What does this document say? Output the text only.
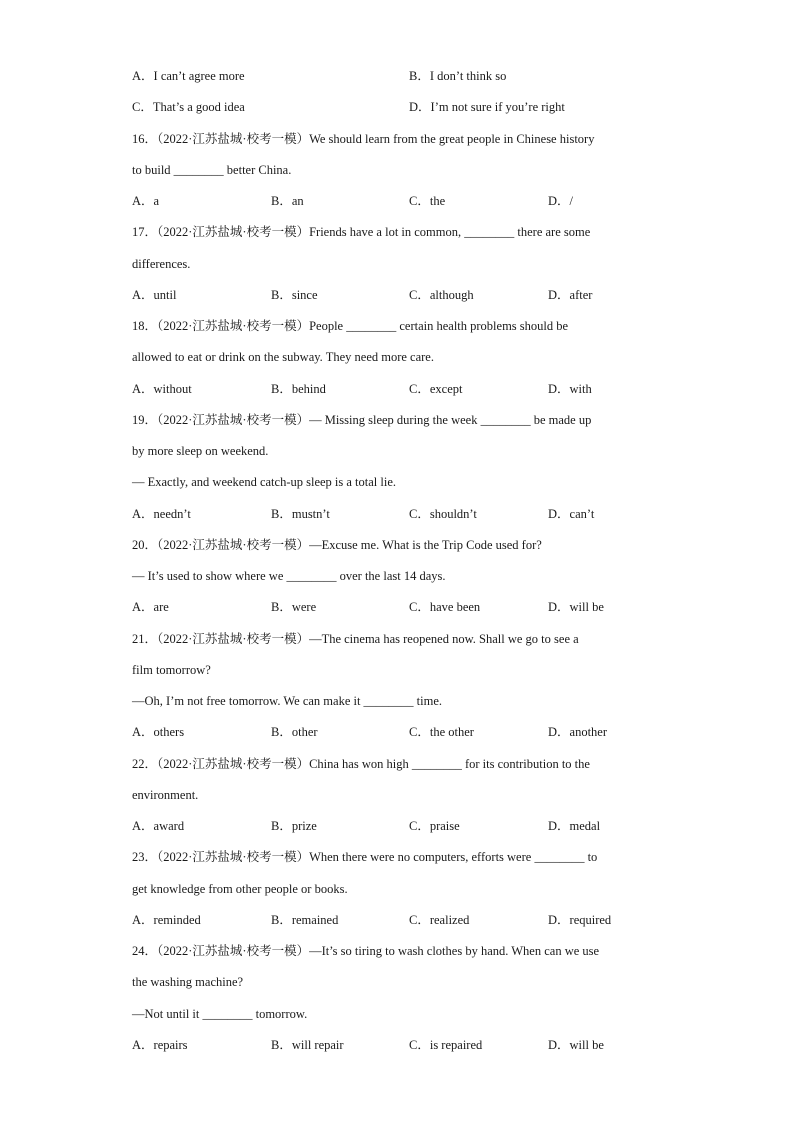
A．I can’t agree more	B．I don’t think so
C．That’s a good idea	D．I’m not sure if you’re right
16．（2022·江苏盐城·校考一模）We should learn from the great people in Chinese history
to build ________ better China.
A．a	B．an	C．the	D．/
17．（2022·江苏盐城·校考一模）Friends have a lot in common, ________ there are some
differences.
A．until	B．since	C．although	D．after
18．（2022·江苏盐城·校考一模）People ________ certain health problems should be
allowed to eat or drink on the subway. They need more care.
A．without	B．behind	C．except	D．with
19．（2022·江苏盐城·校考一模）— Missing sleep during the week ________ be made up
by more sleep on weekend.
— Exactly, and weekend catch-up sleep is a total lie.
A．needn’t	B．mustn’t	C．shouldn’t	D．can’t
20．（2022·江苏盐城·校考一模）—Excuse me. What is the Trip Code used for?
— It’s used to show where we ________ over the last 14 days.
A．are	B．were	C．have been	D．will be
21．（2022·江苏盐城·校考一模）—The cinema has reopened now. Shall we go to see a
film tomorrow?
—Oh, I’m not free tomorrow. We can make it ________ time.
A．others	B．other	C．the other	D．another
22．（2022·江苏盐城·校考一模）China has won high ________ for its contribution to the
environment.
A．award	B．prize	C．praise	D．medal
23．（2022·江苏盐城·校考一模）When there were no computers, efforts were ________ to
get knowledge from other people or books.
A．reminded	B．remained	C．realized	D．required
24．（2022·江苏盐城·校考一模）—It’s so tiring to wash clothes by hand. When can we use
the washing machine?
—Not until it ________ tomorrow.
A．repairs	B．will repair	C．is repaired	D．will be
